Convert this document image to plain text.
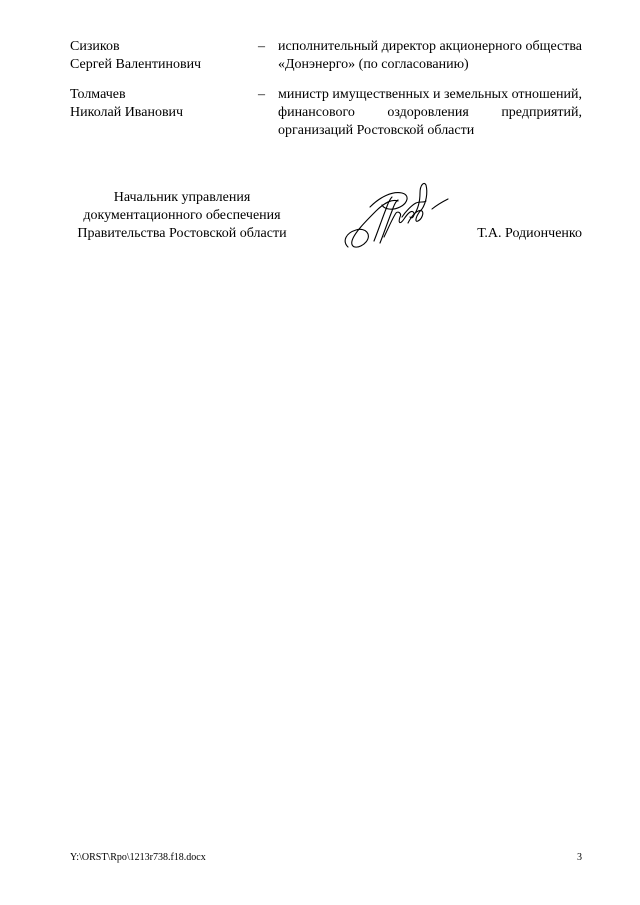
Сизиков
Сергей Валентинович
– исполнительный директор акционерного общества «Донэнерго» (по согласованию)
Толмачев
Николай Иванович
– министр имущественных и земельных отношений, финансового оздоровления предприятий, организаций Ростовской области
Начальник управления
документационного обеспечения
Правительства Ростовской области	Т.А. Родионченко
Y:\ORST\Rpo\1213r738.f18.docx	3
